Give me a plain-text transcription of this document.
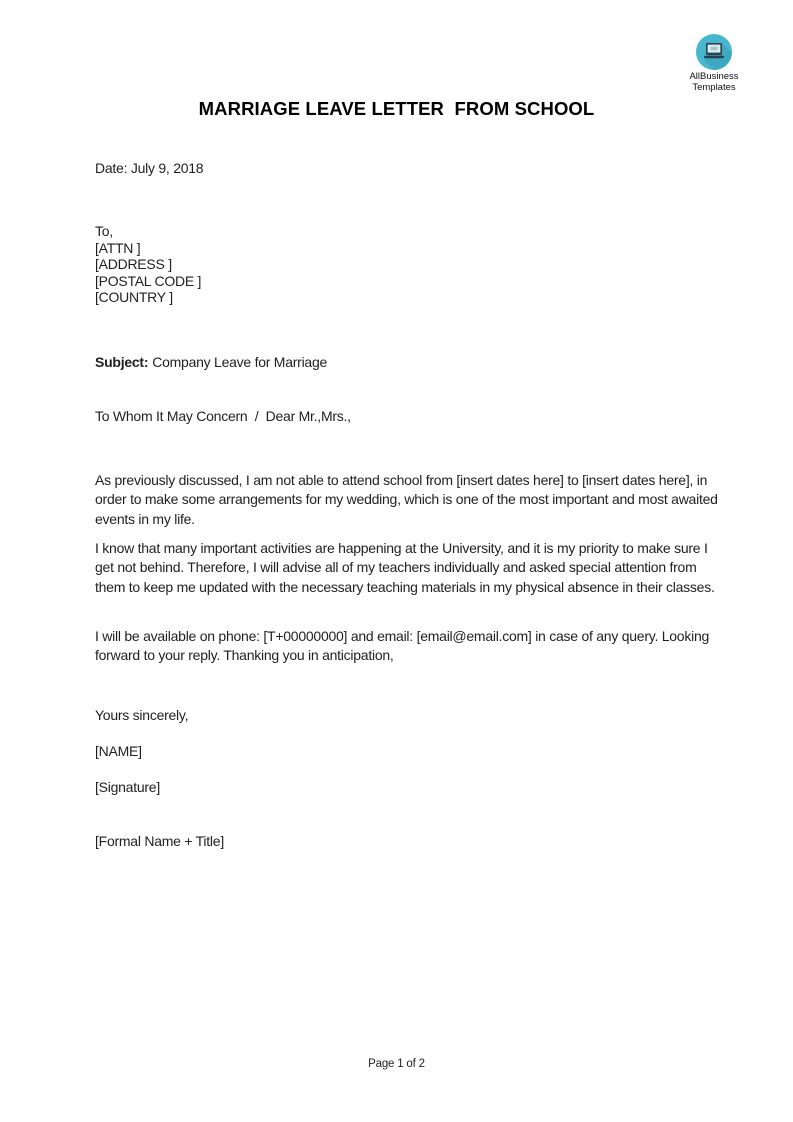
AllBusiness
Templates
MARRIAGE LEAVE LETTER  FROM SCHOOL
Date: July 9, 2018
To,
[ATTN ]
[ADDRESS ]
[POSTAL CODE ]
[COUNTRY ]
Subject: Company Leave for Marriage
To Whom It May Concern  /  Dear Mr.,Mrs.,
As previously discussed, I am not able to attend school from [insert dates here] to [insert dates here], in order to make some arrangements for my wedding, which is one of the most important and most awaited events in my life.
I know that many important activities are happening at the University, and it is my priority to make sure I get not behind. Therefore, I will advise all of my teachers individually and asked special attention from them to keep me updated with the necessary teaching materials in my physical absence in their classes.
I will be available on phone: [T+00000000] and email: [email@email.com] in case of any query. Looking forward to your reply. Thanking you in anticipation,
Yours sincerely,
[NAME]
[Signature]
[Formal Name + Title]
Page 1 of 2
